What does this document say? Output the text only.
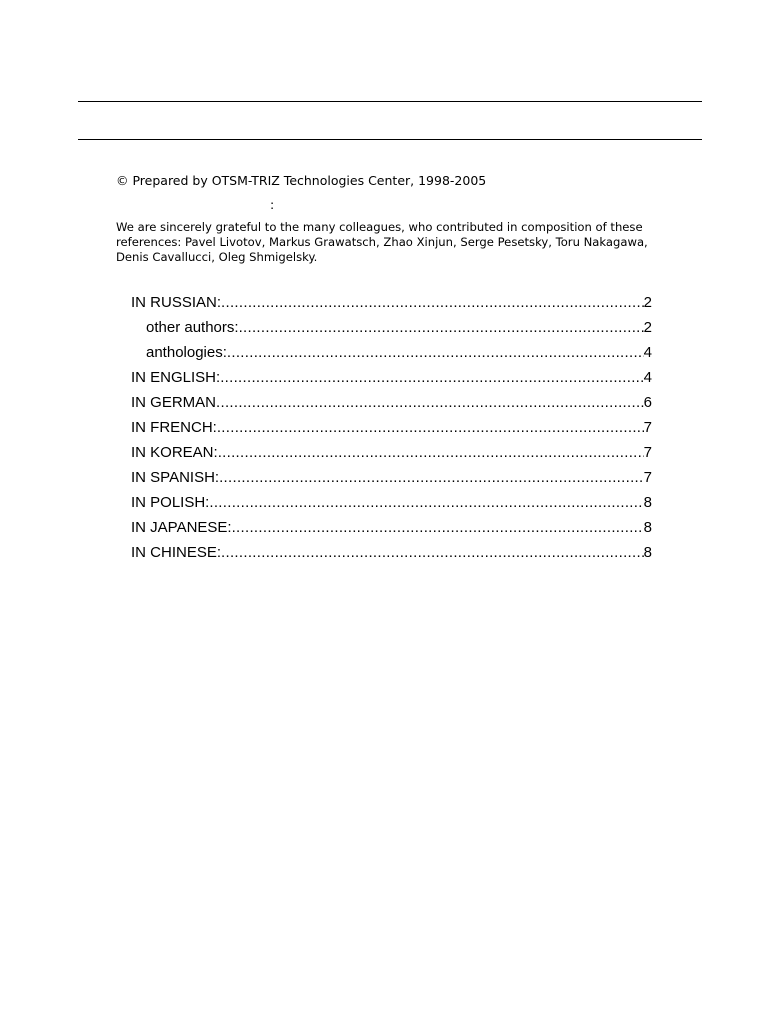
© Prepared by OTSM-TRIZ Technologies Center, 1998-2005
:
We are sincerely grateful to the many colleagues, who contributed in composition of these references: Pavel Livotov, Markus Grawatsch, Zhao Xinjun, Serge Pesetsky, Toru Nakagawa, Denis Cavallucci, Oleg Shmigelsky.
IN RUSSIAN: .....	2
other authors: .....	2
anthologies: .....	4
IN ENGLISH: .....	4
IN GERMAN .....	6
IN FRENCH: .....	7
IN KOREAN: .....	7
IN SPANISH: .....	7
IN POLISH: .....	8
IN JAPANESE: .....	8
IN CHINESE: .....	8
